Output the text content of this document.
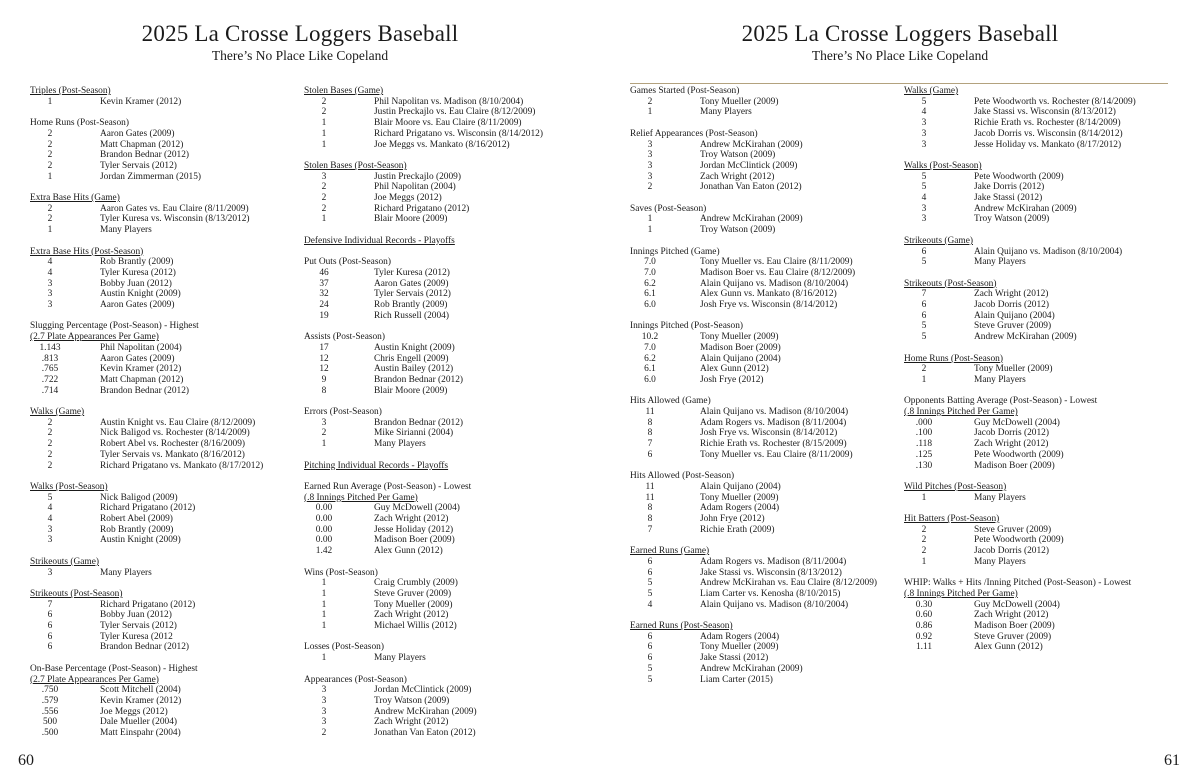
2025 La Crosse Loggers Baseball
There’s No Place Like Copeland
Triples (Post-Season)
1	Kevin Kramer (2012)
Home Runs (Post-Season)
2	Aaron Gates (2009)
2	Matt Chapman (2012)
2	Brandon Bednar (2012)
2	Tyler Servais (2012)
1	Jordan Zimmerman (2015)
Extra Base Hits (Game)
2	Aaron Gates vs. Eau Claire (8/11/2009)
2	Tyler Kuresa vs. Wisconsin (8/13/2012)
1	Many Players
Extra Base Hits (Post-Season)
4	Rob Brantly (2009)
4	Tyler Kuresa (2012)
3	Bobby Juan (2012)
3	Austin Knight (2009)
3	Aaron Gates (2009)
Slugging Percentage (Post-Season) - Highest
(2.7 Plate Appearances Per Game)
1.143	Phil Napolitan (2004)
.813	Aaron Gates (2009)
.765	Kevin Kramer (2012)
.722	Matt Chapman (2012)
.714	Brandon Bednar (2012)
Walks (Game)
2	Austin Knight vs. Eau Claire (8/12/2009)
2	Nick Baligod vs. Rochester (8/14/2009)
2	Robert Abel vs. Rochester (8/16/2009)
2	Tyler Servais vs. Mankato (8/16/2012)
2	Richard Prigatano vs. Mankato (8/17/2012)
Walks (Post-Season)
5	Nick Baligod (2009)
4	Richard Prigatano (2012)
4	Robert Abel (2009)
3	Rob Brantly (2009)
3	Austin Knight (2009)
Strikeouts (Game)
3	Many Players
Strikeouts (Post-Season)
7	Richard Prigatano (2012)
6	Bobby Juan (2012)
6	Tyler Servais (2012)
6	Tyler Kuresa (2012
6	Brandon Bednar (2012)
On-Base Percentage (Post-Season) - Highest
(2.7 Plate Appearances Per Game)
.750	Scott Mitchell (2004)
.579	Kevin Kramer (2012)
.556	Joe Meggs (2012)
500	Dale Mueller (2004)
.500	Matt Einspahr (2004)
Stolen Bases (Game)
2	Phil Napolitan vs. Madison (8/10/2004)
2	Justin Preckajlo vs. Eau Claire (8/12/2009)
1	Blair Moore vs. Eau Claire (8/11/2009)
1	Richard Prigatano vs. Wisconsin (8/14/2012)
1	Joe Meggs vs. Mankato (8/16/2012)
Stolen Bases (Post-Season)
3	Justin Preckajlo (2009)
2	Phil Napolitan (2004)
2	Joe Meggs (2012)
2	Richard Prigatano (2012)
1	Blair Moore (2009)
Defensive Individual Records - Playoffs
Put Outs (Post-Season)
46	Tyler Kuresa (2012)
37	Aaron Gates (2009)
32	Tyler Servais (2012)
24	Rob Brantly (2009)
19	Rich Russell (2004)
Assists (Post-Season)
17	Austin Knight (2009)
12	Chris Engell (2009)
12	Austin Bailey (2012)
9	Brandon Bednar (2012)
8	Blair Moore (2009)
Errors (Post-Season)
3	Brandon Bednar (2012)
2	Mike Sirianni (2004)
1	Many Players
Pitching Individual Records - Playoffs
Earned Run Average (Post-Season) - Lowest
(.8 Innings Pitched Per Game)
0.00	Guy McDowell (2004)
0.00	Zach Wright (2012)
0.00	Jesse Holiday (2012)
0.00	Madison Boer (2009)
1.42	Alex Gunn (2012)
Wins (Post-Season)
1	Craig Crumbly (2009)
1	Steve Gruver (2009)
1	Tony Mueller (2009)
1	Zach Wright (2012)
1	Michael Willis (2012)
Losses (Post-Season)
1	Many Players
Appearances (Post-Season)
3	Jordan McClintick (2009)
3	Troy Watson (2009)
3	Andrew McKirahan (2009)
3	Zach Wright (2012)
2	Jonathan Van Eaton (2012)
60
2025 La Crosse Loggers Baseball
There’s No Place Like Copeland
Games Started (Post-Season)
2	Tony Mueller (2009)
1	Many Players
Relief Appearances (Post-Season)
3	Andrew McKirahan (2009)
3	Troy Watson (2009)
3	Jordan McClintick (2009)
3	Zach Wright (2012)
2	Jonathan Van Eaton (2012)
Saves (Post-Season)
1	Andrew McKirahan (2009)
1	Troy Watson (2009)
Innings Pitched (Game)
7.0	Tony Mueller vs. Eau Claire (8/11/2009)
7.0	Madison Boer vs. Eau Claire (8/12/2009)
6.2	Alain Quijano vs. Madison (8/10/2004)
6.1	Alex Gunn vs. Mankato (8/16/2012)
6.0	Josh Frye vs. Wisconsin (8/14/2012)
Innings Pitched (Post-Season)
10.2	Tony Mueller (2009)
7.0	Madison Boer (2009)
6.2	Alain Quijano (2004)
6.1	Alex Gunn (2012)
6.0	Josh Frye (2012)
Hits Allowed (Game)
11	Alain Quijano vs. Madison (8/10/2004)
8	Adam Rogers vs. Madison (8/11/2004)
8	Josh Frye vs. Wisconsin (8/14/2012)
7	Richie Erath vs. Rochester (8/15/2009)
6	Tony Mueller vs. Eau Claire (8/11/2009)
Hits Allowed (Post-Season)
11	Alain Quijano (2004)
11	Tony Mueller (2009)
8	Adam Rogers (2004)
8	John Frye (2012)
7	Richie Erath (2009)
Earned Runs (Game)
6	Adam Rogers vs. Madison (8/11/2004)
6	Jake Stassi vs. Wisconsin (8/13/2012)
5	Andrew McKirahan vs. Eau Claire (8/12/2009)
5	Liam Carter vs. Kenosha (8/10/2015)
4	Alain Quijano vs. Madison (8/10/2004)
Earned Runs (Post-Season)
6	Adam Rogers (2004)
6	Tony Mueller (2009)
6	Jake Stassi (2012)
5	Andrew McKirahan (2009)
5	Liam Carter (2015)
Walks (Game)
5	Pete Woodworth vs. Rochester (8/14/2009)
4	Jake Stassi vs. Wisconsin (8/13/2012)
3	Richie Erath vs. Rochester (8/14/2009)
3	Jacob Dorris vs. Wisconsin (8/14/2012)
3	Jesse Holiday vs. Mankato (8/17/2012)
Walks (Post-Season)
5	Pete Woodworth (2009)
5	Jake Dorris (2012)
4	Jake Stassi (2012)
3	Andrew McKirahan (2009)
3	Troy Watson (2009)
Strikeouts (Game)
6	Alain Quijano vs. Madison (8/10/2004)
5	Many Players
Strikeouts (Post-Season)
7	Zach Wright (2012)
6	Jacob Dorris (2012)
6	Alain Quijano (2004)
5	Steve Gruver (2009)
5	Andrew McKirahan (2009)
Home Runs (Post-Season)
2	Tony Mueller (2009)
1	Many Players
Opponents Batting Average (Post-Season) - Lowest
(.8 Innings Pitched Per Game)
.000	Guy McDowell (2004)
.100	Jacob Dorris (2012)
.118	Zach Wright (2012)
.125	Pete Woodworth (2009)
.130	Madison Boer (2009)
Wild Pitches (Post-Season)
1	Many Players
Hit Batters (Post-Season)
2	Steve Gruver (2009)
2	Pete Woodworth (2009)
2	Jacob Dorris (2012)
1	Many Players
WHIP: Walks + Hits /Inning Pitched (Post-Season) - Lowest
(.8 Innings Pitched Per Game)
0.30	Guy McDowell (2004)
0.60	Zach Wright (2012)
0.86	Madison Boer (2009)
0.92	Steve Gruver (2009)
1.11	Alex Gunn (2012)
61
